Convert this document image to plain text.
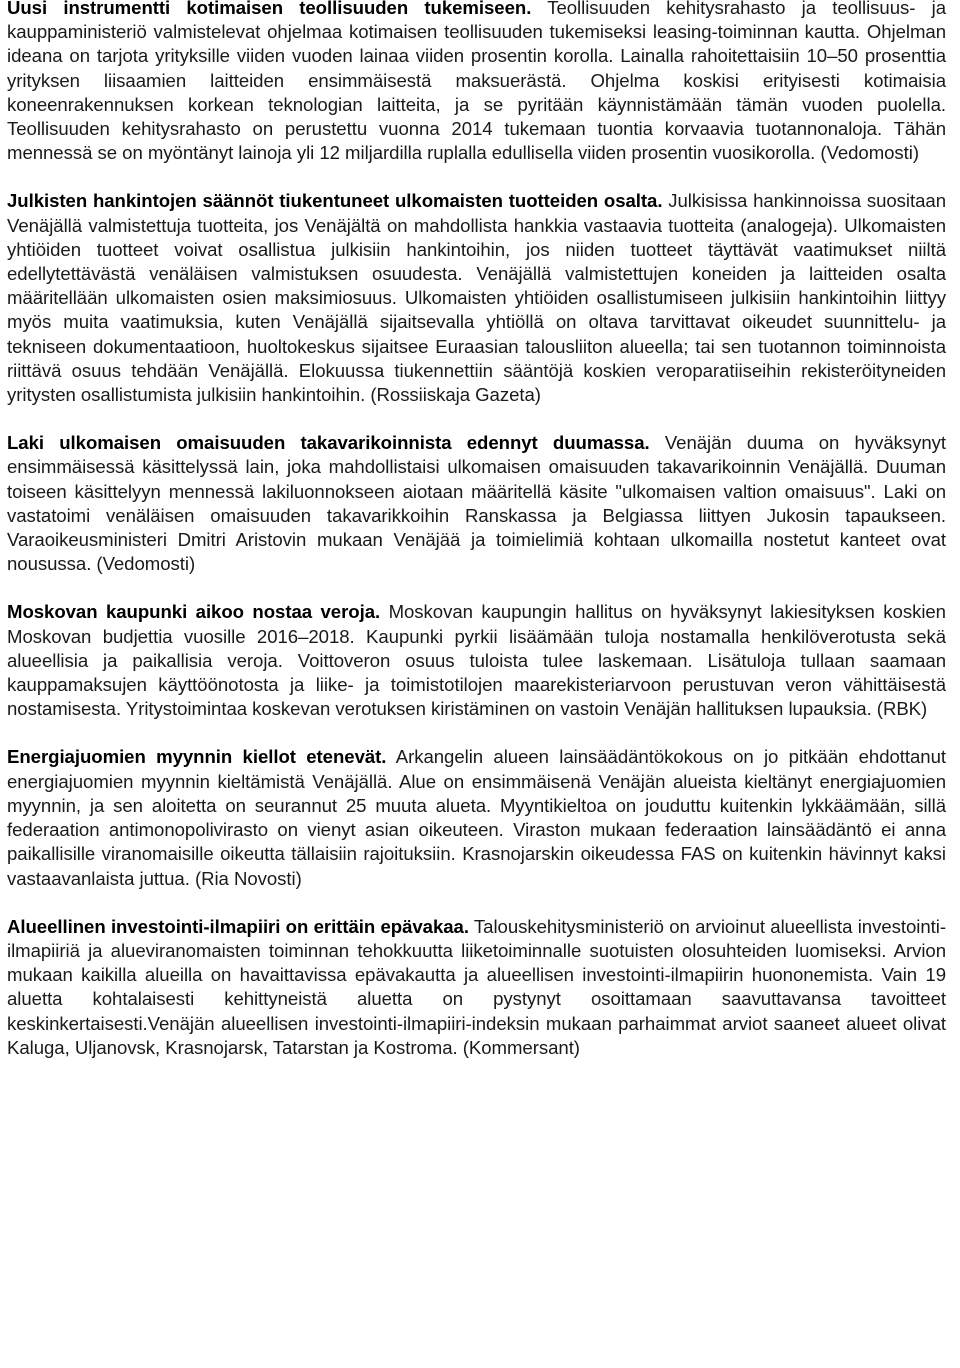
Uusi instrumentti kotimaisen teollisuuden tukemiseen. Teollisuuden kehitysrahasto ja teollisuus- ja kauppaministeriö valmistelevat ohjelmaa kotimaisen teollisuuden tukemiseksi leasing-toiminnan kautta. Ohjelman ideana on tarjota yrityksille viiden vuoden lainaa viiden prosentin korolla. Lainalla rahoitettaisiin 10–50 prosenttia yrityksen liisaamien laitteiden ensimmäisestä maksuerästä. Ohjelma koskisi erityisesti kotimaisia koneenrakennuksen korkean teknologian laitteita, ja se pyritään käynnistämään tämän vuoden puolella. Teollisuuden kehitysrahasto on perustettu vuonna 2014 tukemaan tuontia korvaavia tuotannonaloja. Tähän mennessä se on myöntänyt lainoja yli 12 miljardilla ruplalla edullisella viiden prosentin vuosikorolla. (Vedomosti)

Julkisten hankintojen säännöt tiukentuneet ulkomaisten tuotteiden osalta. Julkisissa hankinnoissa suositaan Venäjällä valmistettuja tuotteita, jos Venäjältä on mahdollista hankkia vastaavia tuotteita (analogeja). Ulkomaisten yhtiöiden tuotteet voivat osallistua julkisiin hankintoihin, jos niiden tuotteet täyttävät vaatimukset niiltä edellytettävästä venäläisen valmistuksen osuudesta. Venäjällä valmistettujen koneiden ja laitteiden osalta määritellään ulkomaisten osien maksimiosuus. Ulkomaisten yhtiöiden osallistumiseen julkisiin hankintoihin liittyy myös muita vaatimuksia, kuten Venäjällä sijaitsevalla yhtiöllä on oltava tarvittavat oikeudet suunnittelu- ja tekniseen dokumentaatioon, huoltokeskus sijaitsee Euraasian talousliiton alueella; tai sen tuotannon toiminnoista riittävä osuus tehdään Venäjällä. Elokuussa tiukennettiin sääntöjä koskien veroparatiiseihin rekisteröityneiden yritysten osallistumista julkisiin hankintoihin. (Rossiiskaja Gazeta)

Laki ulkomaisen omaisuuden takavarikoinnista edennyt duumassa. Venäjän duuma on hyväksynyt ensimmäisessä käsittelyssä lain, joka mahdollistaisi ulkomaisen omaisuuden takavarikoinnin Venäjällä. Duuman toiseen käsittelyyn mennessä lakiluonnokseen aiotaan määritellä käsite "ulkomaisen valtion omaisuus". Laki on vastatoimi venäläisen omaisuuden takavarikkoihin Ranskassa ja Belgiassa liittyen Jukosin tapaukseen. Varaoikeusministeri Dmitri Aristovin mukaan Venäjää ja toimielimiä kohtaan ulkomailla nostetut kanteet ovat nousussa. (Vedomosti)

Moskovan kaupunki aikoo nostaa veroja. Moskovan kaupungin hallitus on hyväksynyt lakiesityksen koskien Moskovan budjettia vuosille 2016–2018. Kaupunki pyrkii lisäämään tuloja nostamalla henkilöverotusta sekä alueellisia ja paikallisia veroja. Voittoveron osuus tuloista tulee laskemaan. Lisätuloja tullaan saamaan kauppamaksujen käyttöönotosta ja liike- ja toimistotilojen maarekisteriarvoon perustuvan veron vähittäisestä nostamisesta. Yritystoimintaa koskevan verotuksen kiristäminen on vastoin Venäjän hallituksen lupauksia. (RBK)

Energiajuomien myynnin kiellot etenevät. Arkangelin alueen lainsäädäntökokous on jo pitkään ehdottanut energiajuomien myynnin kieltämistä Venäjällä. Alue on ensimmäisenä Venäjän alueista kieltänyt energiajuomien myynnin, ja sen aloitetta on seurannut 25 muuta alueta. Myyntikieltoa on jouduttu kuitenkin lykkäämään, sillä federaation antimonopolivirasto on vienyt asian oikeuteen. Viraston mukaan federaation lainsäädäntö ei anna paikallisille viranomaisille oikeutta tällaisiin rajoituksiin. Krasnojarskin oikeudessa FAS on kuitenkin hävinnyt kaksi vastaavanlaista juttua. (Ria Novosti)

Alueellinen investointi-ilmapiiri on erittäin epävakaa. Talouskehitysministeriö on arvioinut alueellista investointi-ilmapiiriä ja alueviranomaisten toiminnan tehokkuutta liiketoiminnalle suotuisten olosuhteiden luomiseksi. Arvion mukaan kaikilla alueilla on havaittavissa epävakautta ja alueellisen investointi-ilmapiirin huononemista. Vain 19 aluetta kohtalaisesti kehittyneistä aluetta on pystynyt osoittamaan saavuttavansa tavoitteet keskinkertaisesti.Venäjän alueellisen investointi-ilmapiiri-indeksin mukaan parhaimmat arviot saaneet alueet olivat Kaluga, Uljanovsk, Krasnojarsk, Tatarstan ja Kostroma. (Kommersant)
